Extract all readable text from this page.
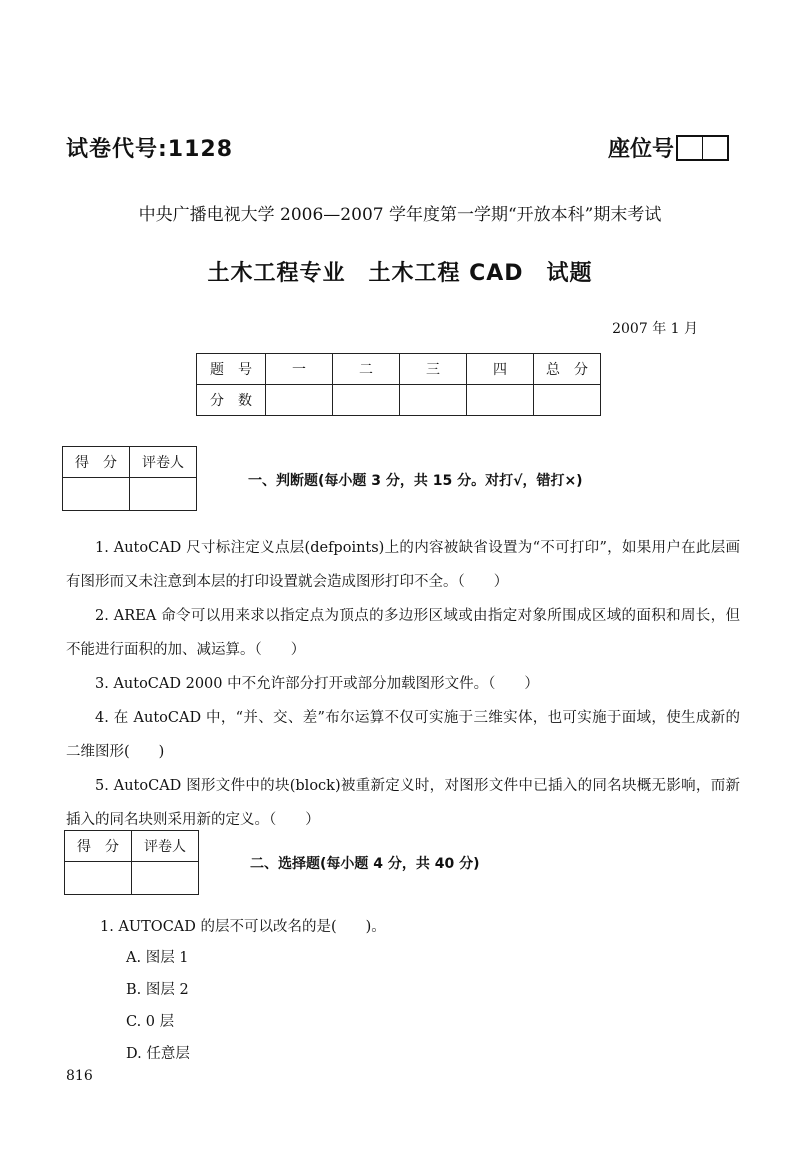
试卷代号:1128	座位号
中央广播电视大学 2006—2007 学年度第一学期“开放本科”期末考试
土木工程专业　土木工程 CAD　试题
2007 年 1 月
题　号	一	二	三	四	总　分
分　数					
得　分	评卷人

一、判断题(每小题 3 分，共 15 分。对打√，错打×)

1. AutoCAD 尺寸标注定义点层(defpoints)上的内容被缺省设置为“不可打印”，如果用户在此层画有图形而又未注意到本层的打印设置就会造成图形打印不全。（　　）

2. AREA 命令可以用来求以指定点为顶点的多边形区域或由指定对象所围成区域的面积和周长，但不能进行面积的加、减运算。（　　）

3. AutoCAD 2000 中不允许部分打开或部分加载图形文件。（　　）

4. 在 AutoCAD 中，“并、交、差”布尔运算不仅可实施于三维实体，也可实施于面域，使生成新的二维图形(　　)

5. AutoCAD 图形文件中的块(block)被重新定义时，对图形文件中已插入的同名块概无影响，而新插入的同名块则采用新的定义。（　　）

得　分	评卷人

二、选择题(每小题 4 分，共 40 分)
1. AUTOCAD 的层不可以改名的是(　　)。
A. 图层 1
B. 图层 2
C. 0 层
D. 任意层
816
